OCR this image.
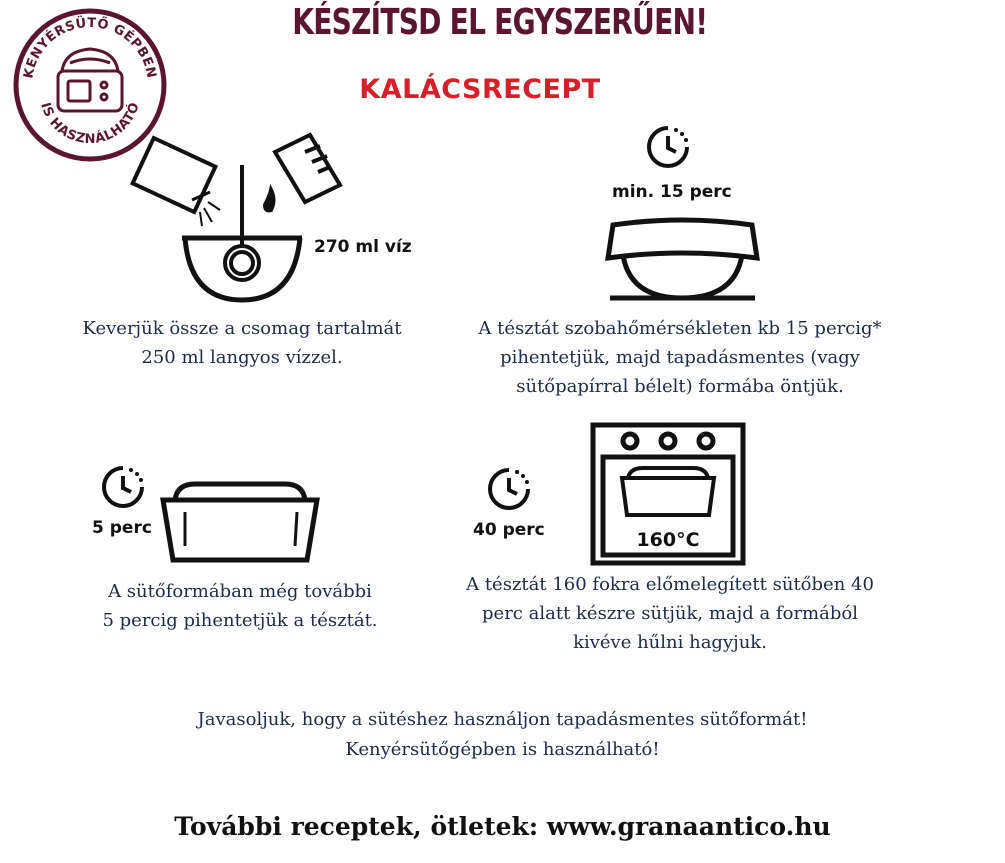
KENYÉRSÜTŐ GÉPBEN
IS HASZNÁLHATÓ
KÉSZÍTSD EL EGYSZERŰEN!
KALÁCSRECEPT
270 ml víz
Keverjük össze a csomag tartalmát
250 ml langyos vízzel.
min. 15 perc
A tésztát szobahőmérsékleten kb 15 percig*
pihentetjük, majd tapadásmentes (vagy
sütőpapírral bélelt) formába öntjük.
5 perc
A sütőformában még további
5 percig pihentetjük a tésztát.
40 perc	160°C
A tésztát 160 fokra előmelegített sütőben 40
perc alatt készre sütjük, majd a formából
kivéve hűlni hagyjuk.
Javasoljuk, hogy a sütéshez használjon tapadásmentes sütőformát!
Kenyérsütőgépben is használható!
További receptek, ötletek: www.granaantico.hu
